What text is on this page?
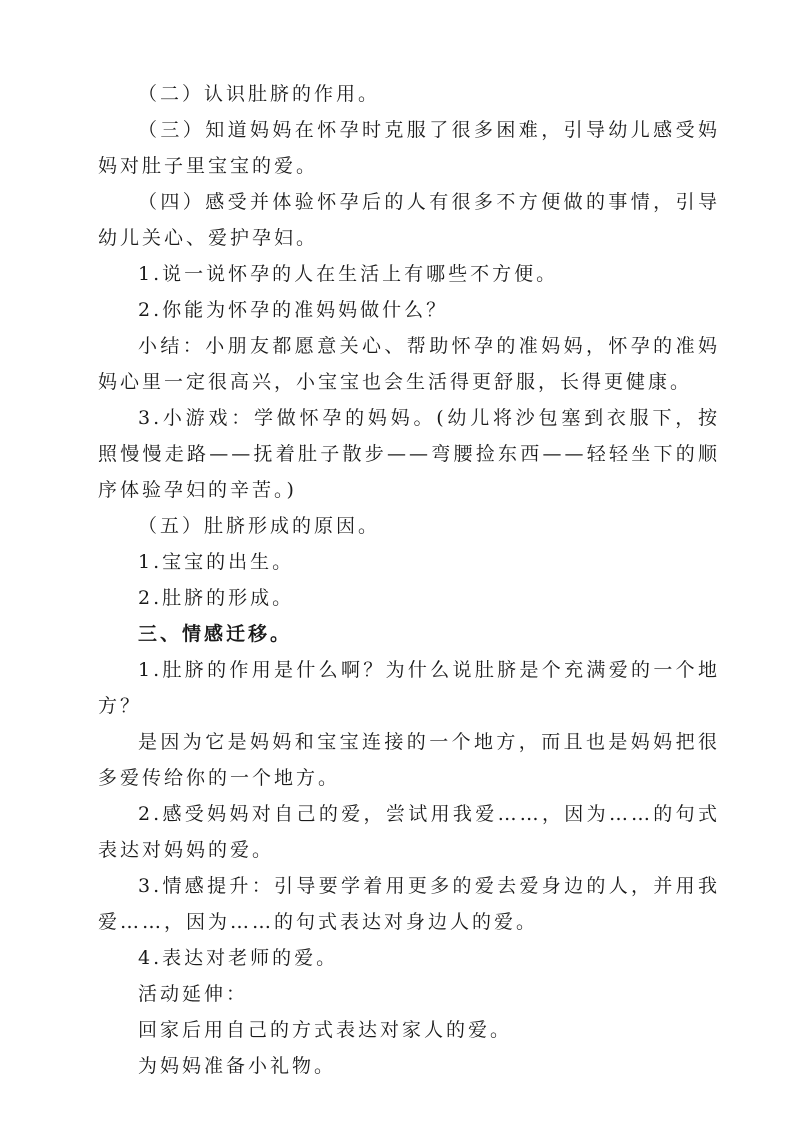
（二）认识肚脐的作用。

（三）知道妈妈在怀孕时克服了很多困难，引导幼儿感受妈妈对肚子里宝宝的爱。

（四）感受并体验怀孕后的人有很多不方便做的事情，引导幼儿关心、爱护孕妇。

1.说一说怀孕的人在生活上有哪些不方便。

2.你能为怀孕的准妈妈做什么？

小结：小朋友都愿意关心、帮助怀孕的准妈妈，怀孕的准妈妈心里一定很高兴，小宝宝也会生活得更舒服，长得更健康。

3.小游戏：学做怀孕的妈妈。(幼儿将沙包塞到衣服下，按照慢慢走路——抚着肚子散步——弯腰捡东西——轻轻坐下的顺序体验孕妇的辛苦。)

（五）肚脐形成的原因。

1.宝宝的出生。

2.肚脐的形成。

三、情感迁移。

1.肚脐的作用是什么啊？为什么说肚脐是个充满爱的一个地方？

是因为它是妈妈和宝宝连接的一个地方，而且也是妈妈把很多爱传给你的一个地方。

2.感受妈妈对自己的爱，尝试用我爱……，因为……的句式表达对妈妈的爱。

3.情感提升：引导要学着用更多的爱去爱身边的人，并用我爱……，因为……的句式表达对身边人的爱。

4.表达对老师的爱。

活动延伸：

回家后用自己的方式表达对家人的爱。

为妈妈准备小礼物。
